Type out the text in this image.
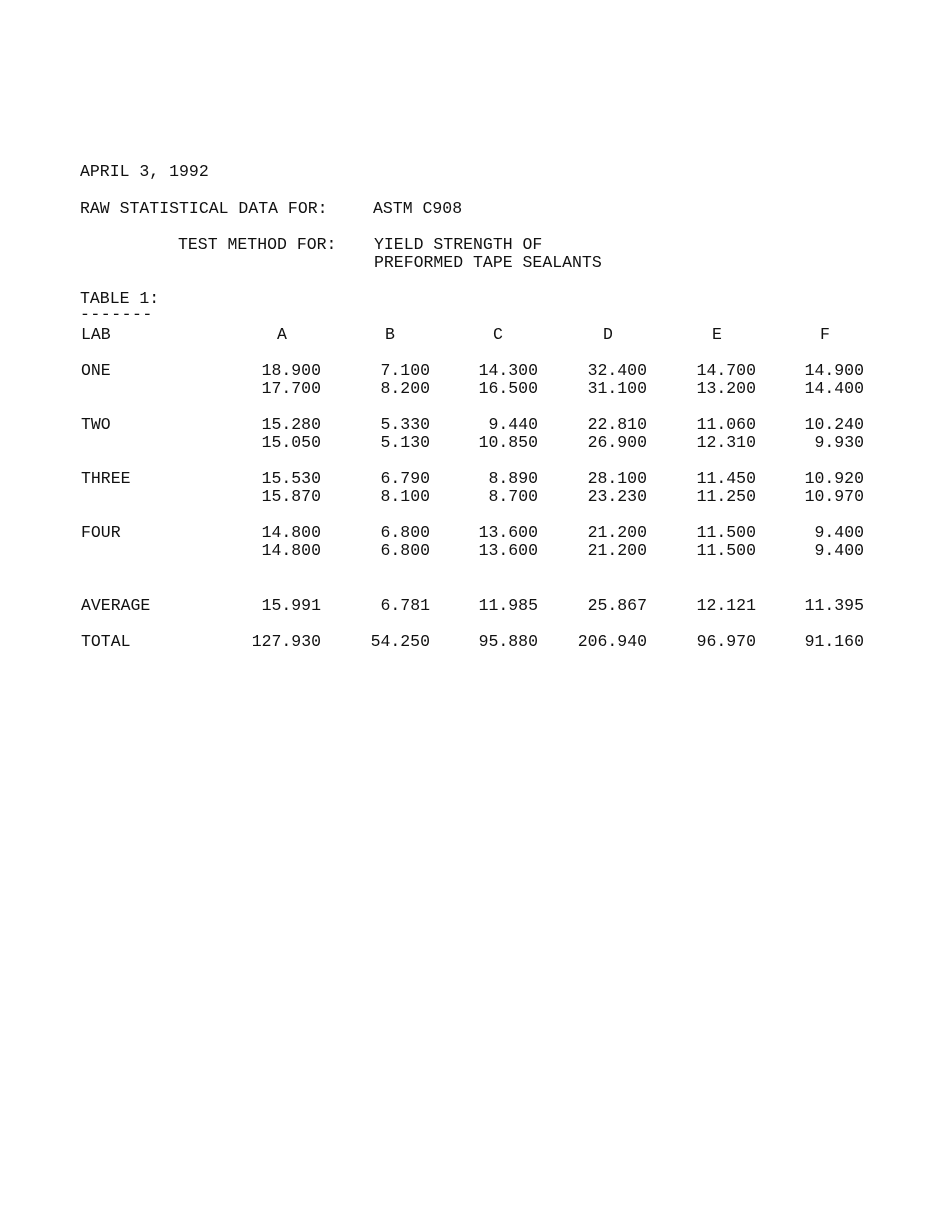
APRIL 3, 1992
RAW STATISTICAL DATA FOR:	ASTM C908
TEST METHOD FOR: YIELD STRENGTH OF
PREFORMED TAPE SEALANTS
TABLE 1:
-------
LAB	A	B	C	D	E	F
ONE	18.900	7.100	14.300	32.400	14.700	14.900
17.700	8.200	16.500	31.100	13.200	14.400
TWO	15.280	5.330	9.440	22.810	11.060	10.240
15.050	5.130	10.850	26.900	12.310	9.930
THREE	15.530	6.790	8.890	28.100	11.450	10.920
15.870	8.100	8.700	23.230	11.250	10.970
FOUR	14.800	6.800	13.600	21.200	11.500	9.400
14.800	6.800	13.600	21.200	11.500	9.400
AVERAGE	15.991	6.781	11.985	25.867	12.121	11.395
TOTAL	127.930	54.250	95.880	206.940	96.970	91.160
